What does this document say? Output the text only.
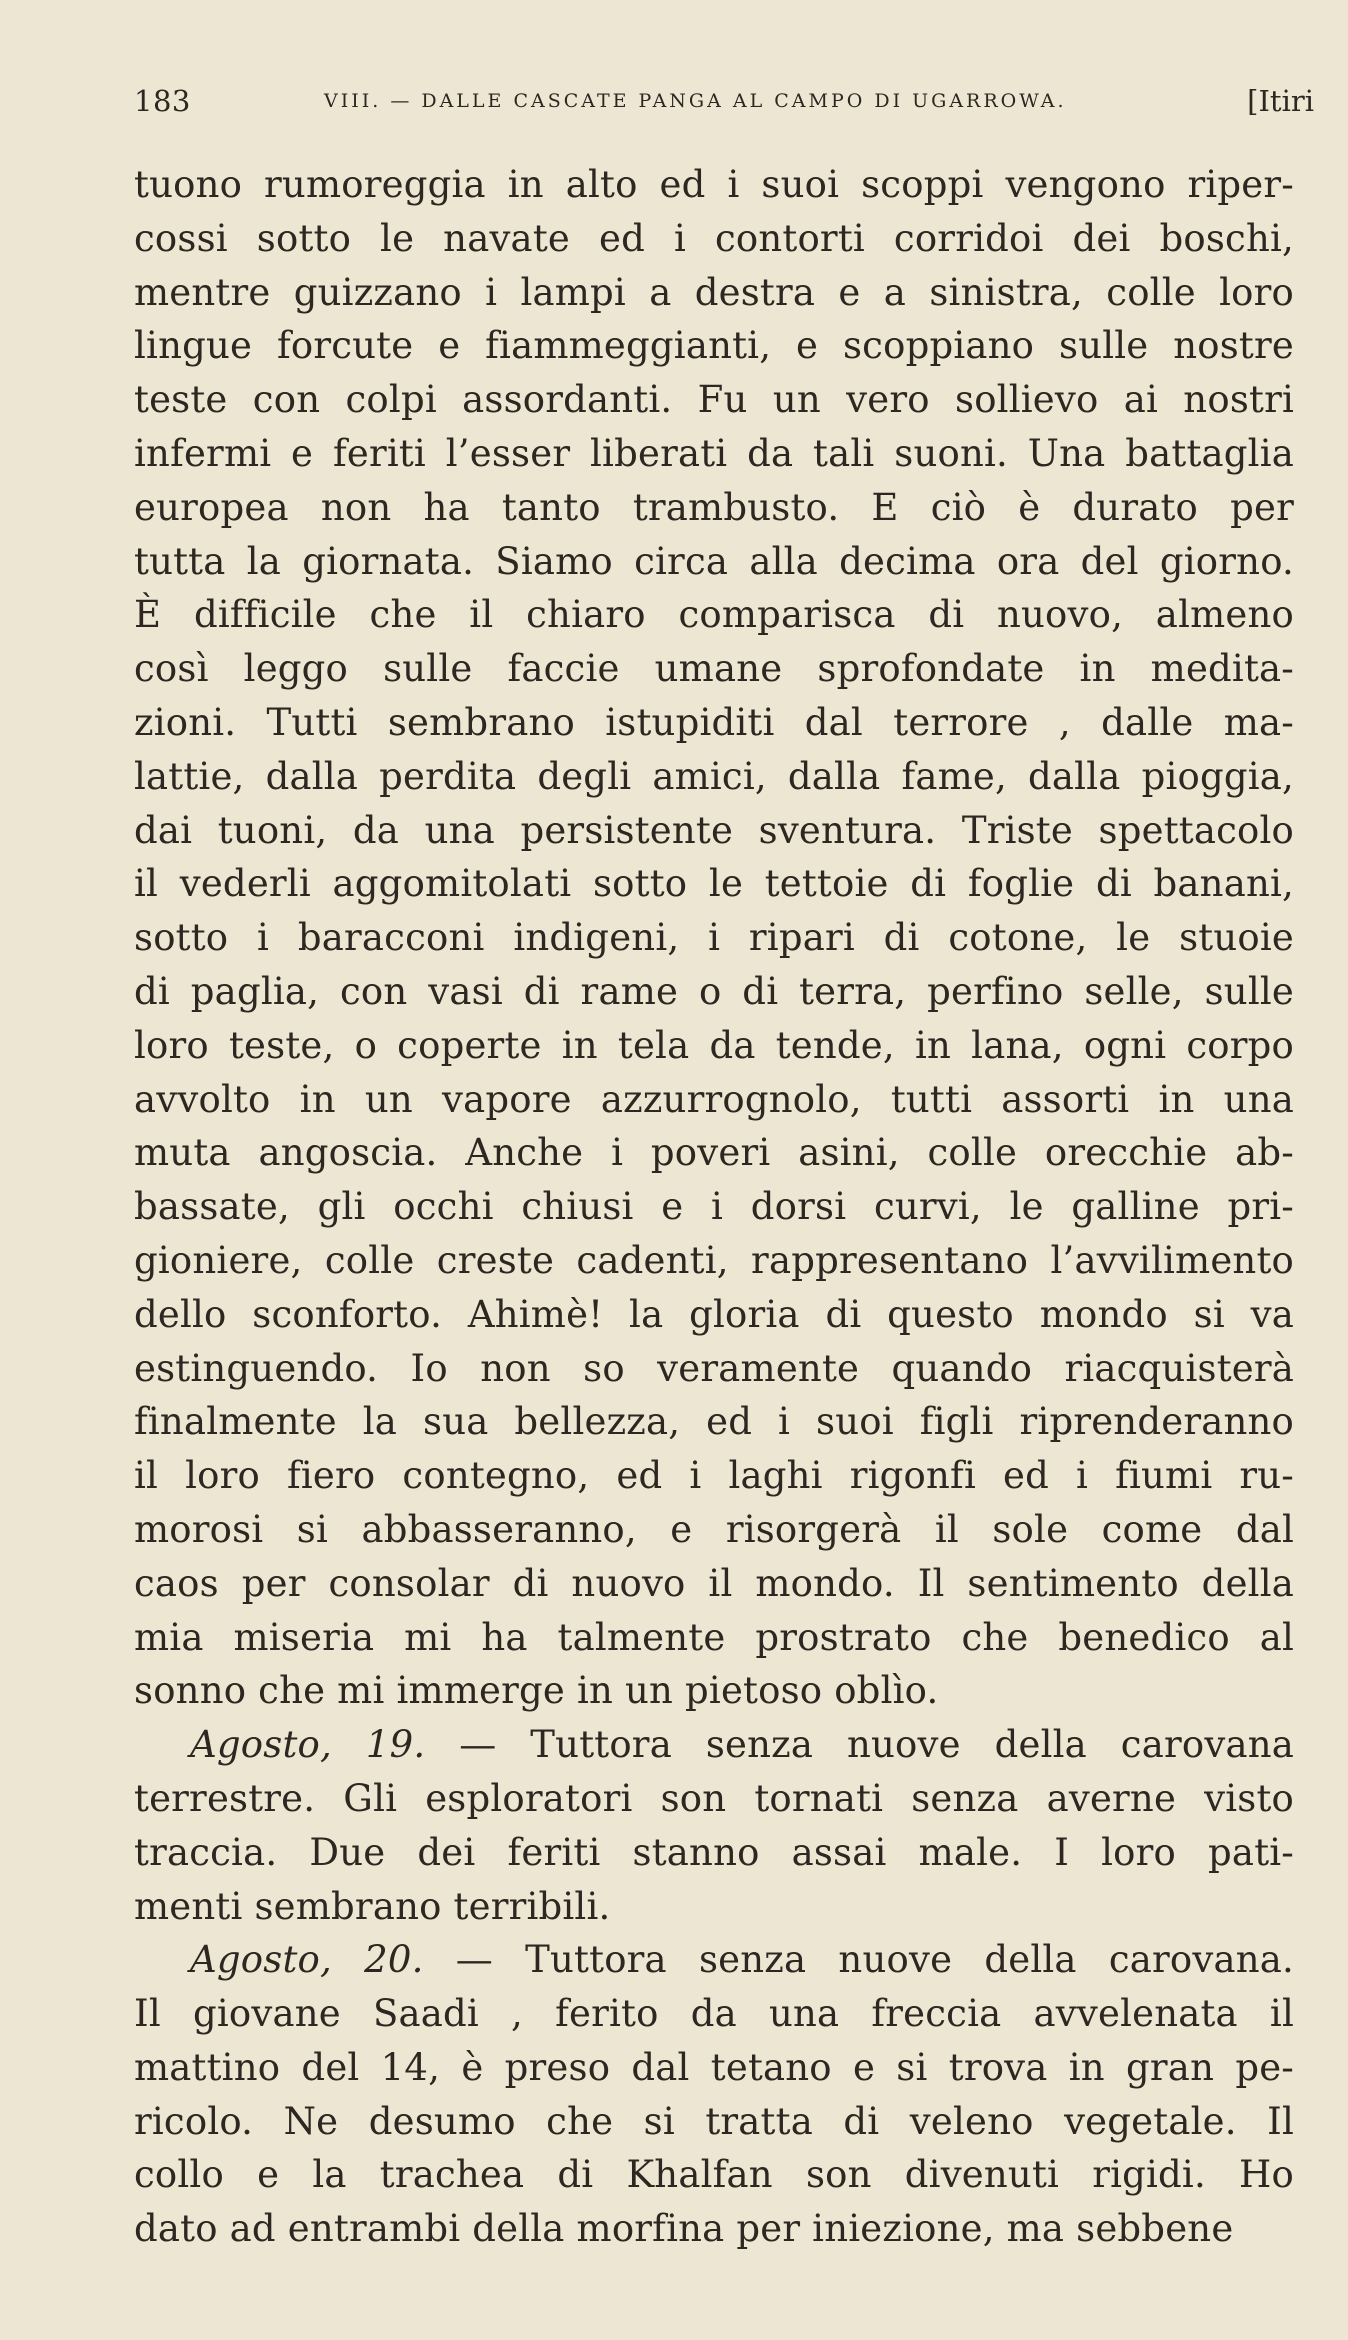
183	VIII. — DALLE CASCATE PANGA AL CAMPO DI UGARROWA.	[Itiri
tuono rumoreggia in alto ed i suoi scoppi vengono riper-
cossi sotto le navate ed i contorti corridoi dei boschi,
mentre guizzano i lampi a destra e a sinistra, colle loro
lingue forcute e fiammeggianti, e scoppiano sulle nostre
teste con colpi assordanti. Fu un vero sollievo ai nostri
infermi e feriti l’esser liberati da tali suoni. Una battaglia
europea non ha tanto trambusto. E ciò è durato per
tutta la giornata. Siamo circa alla decima ora del giorno.
È difficile che il chiaro comparisca di nuovo, almeno
così leggo sulle faccie umane sprofondate in medita-
zioni. Tutti sembrano istupiditi dal terrore , dalle ma-
lattie, dalla perdita degli amici, dalla fame, dalla pioggia,
dai tuoni, da una persistente sventura. Triste spettacolo
il vederli aggomitolati sotto le tettoie di foglie di banani,
sotto i baracconi indigeni, i ripari di cotone, le stuoie
di paglia, con vasi di rame o di terra, perfino selle, sulle
loro teste, o coperte in tela da tende, in lana, ogni corpo
avvolto in un vapore azzurrognolo, tutti assorti in una
muta angoscia. Anche i poveri asini, colle orecchie ab-
bassate, gli occhi chiusi e i dorsi curvi, le galline pri-
gioniere, colle creste cadenti, rappresentano l’avvilimento
dello sconforto. Ahimè! la gloria di questo mondo si va
estinguendo. Io non so veramente quando riacquisterà
finalmente la sua bellezza, ed i suoi figli riprenderanno
il loro fiero contegno, ed i laghi rigonfi ed i fiumi ru-
morosi si abbasseranno, e risorgerà il sole come dal
caos per consolar di nuovo il mondo. Il sentimento della
mia miseria mi ha talmente prostrato che benedico al
sonno che mi immerge in un pietoso oblìo.
Agosto, 19. — Tuttora senza nuove della carovana
terrestre. Gli esploratori son tornati senza averne visto
traccia. Due dei feriti stanno assai male. I loro pati-
menti sembrano terribili.
Agosto, 20. — Tuttora senza nuove della carovana.
Il giovane Saadi , ferito da una freccia avvelenata il
mattino del 14, è preso dal tetano e si trova in gran pe-
ricolo. Ne desumo che si tratta di veleno vegetale. Il
collo e la trachea di Khalfan son divenuti rigidi. Ho
dato ad entrambi della morfina per iniezione, ma sebbene
